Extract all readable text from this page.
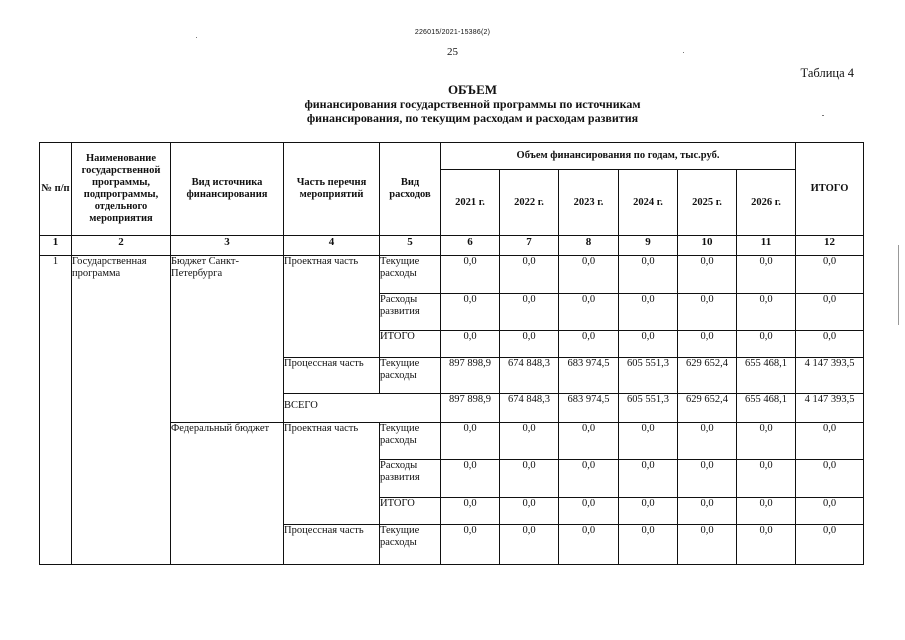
226015/2021-15386(2)
25
Таблица 4
ОБЪЕМ
финансирования государственной программы по источникам
финансирования, по текущим расходам и расходам развития
№ п/п	Наименование государственной программы, подпрограммы, отдельного мероприятия	Вид источника финансирования	Часть перечня мероприятий	Вид расходов	Объем финансирования по годам, тыс.руб.						ИТОГО
					2021 г.	2022 г.	2023 г.	2024 г.	2025 г.	2026 г.	
1	2	3	4	5	6	7	8	9	10	11	12
1	Государственная программа	Бюджет Санкт-Петербурга	Проектная часть	Текущие расходы	0,0	0,0	0,0	0,0	0,0	0,0	0,0
				Расходы развития	0,0	0,0	0,0	0,0	0,0	0,0	0,0
				ИТОГО	0,0	0,0	0,0	0,0	0,0	0,0	0,0
			Процессная часть	Текущие расходы	897 898,9	674 848,3	683 974,5	605 551,3	629 652,4	655 468,1	4 147 393,5
			ВСЕГО		897 898,9	674 848,3	683 974,5	605 551,3	629 652,4	655 468,1	4 147 393,5
		Федеральный бюджет	Проектная часть	Текущие расходы	0,0	0,0	0,0	0,0	0,0	0,0	0,0
				Расходы развития	0,0	0,0	0,0	0,0	0,0	0,0	0,0
				ИТОГО	0,0	0,0	0,0	0,0	0,0	0,0	0,0
			Процессная часть	Текущие расходы	0,0	0,0	0,0	0,0	0,0	0,0	0,0
